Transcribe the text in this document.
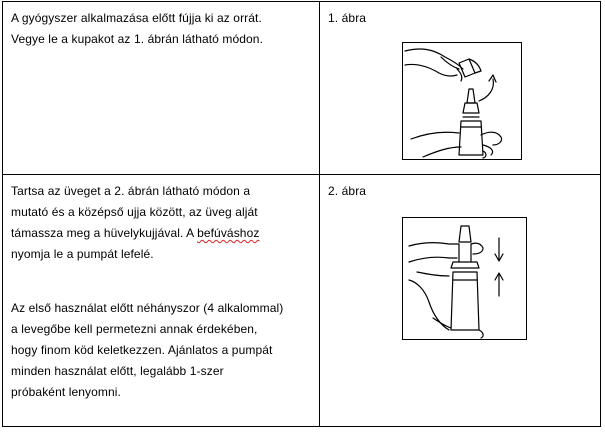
A gyógyszer alkalmazása előtt fújja ki az orrát.

Vegye le a kupakot az 1. ábrán látható módon.

1. ábra

Tartsa az üveget a 2. ábrán látható módon a

mutató és a középső ujja között, az üveg alját

támassza meg a hüvelykujjával. A befúváshoz

nyomja le a pumpát lefelé.

Az első használat előtt néhányszor (4 alkalommal)

a levegőbe kell permetezni annak érdekében,

hogy finom köd keletkezzen. Ajánlatos a pumpát

minden használat előtt, legalább 1-szer

próbaként lenyomni.

2. ábra
